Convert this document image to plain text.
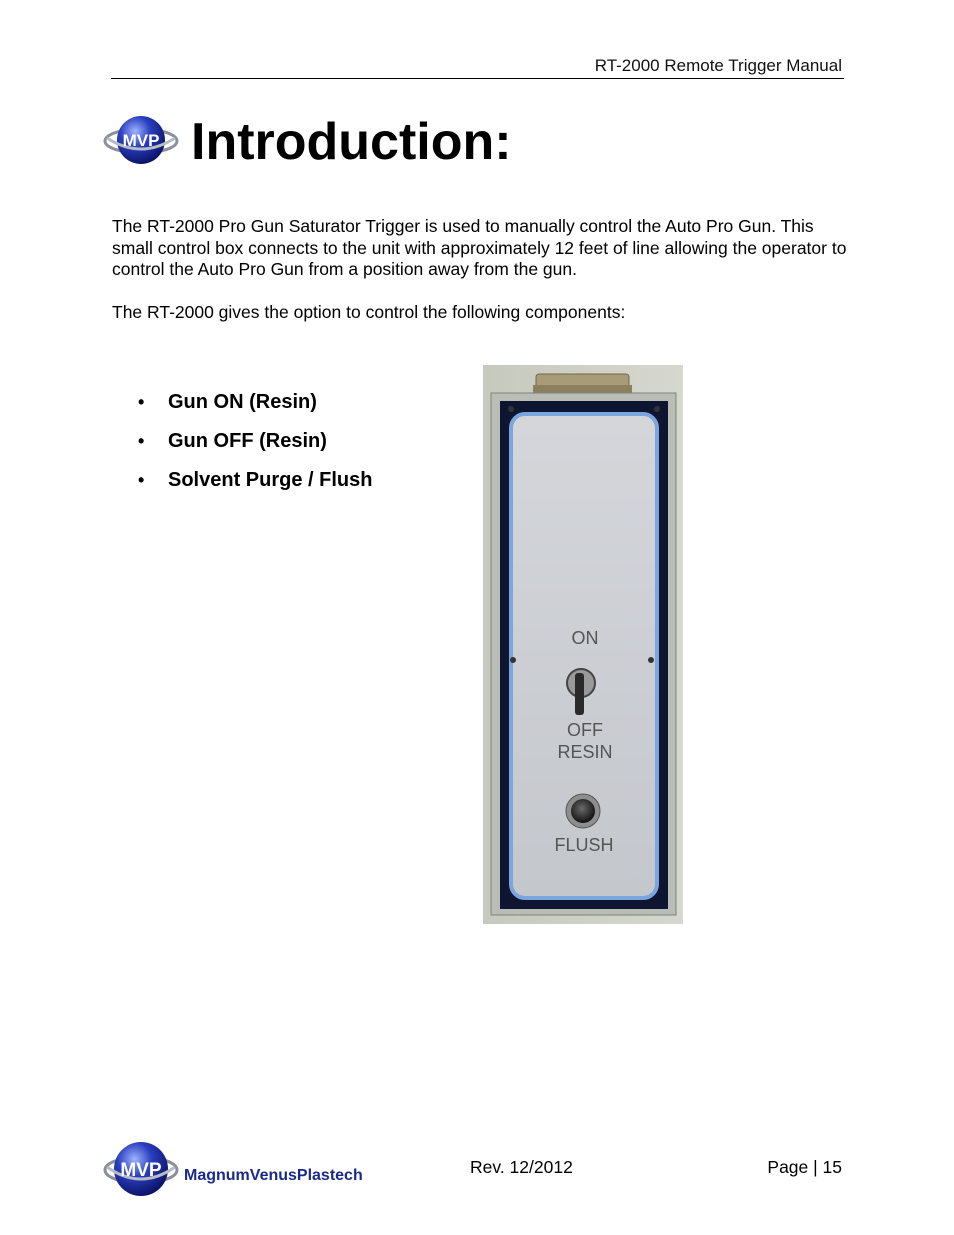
RT-2000 Remote Trigger Manual
MVP Introduction:

The RT-2000 Pro Gun Saturator Trigger is used to manually control the Auto Pro Gun. This small control box connects to the unit with approximately 12 feet of line allowing the operator to control the Auto Pro Gun from a position away from the gun.

The RT-2000 gives the option to control the following components:

•	Gun ON (Resin)
•	Gun OFF (Resin)
•	Solvent Purge / Flush
ON
OFF
RESIN
FLUSH
MVP MagnumVenusPlastech	Rev. 12/2012	Page | 15
